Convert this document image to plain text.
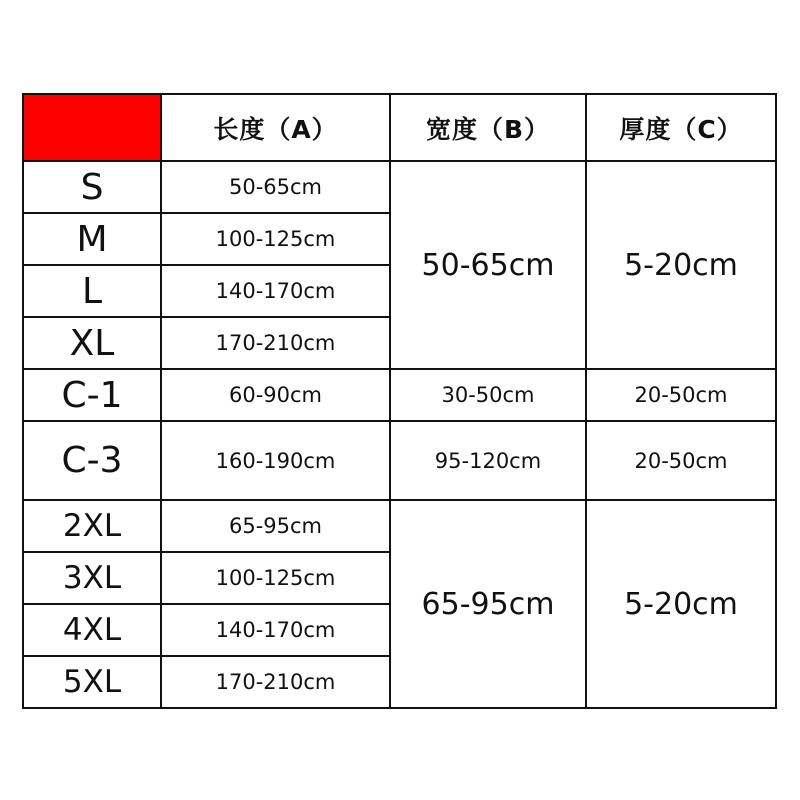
	长度（A）	宽度（B）	厚度（C）
S	50-65cm	50-65cm	5-20cm
M	100-125cm		
L	140-170cm		
XL	170-210cm		
C-1	60-90cm	30-50cm	20-50cm
C-3	160-190cm	95-120cm	20-50cm
2XL	65-95cm	65-95cm	5-20cm
3XL	100-125cm		
4XL	140-170cm		
5XL	170-210cm		
